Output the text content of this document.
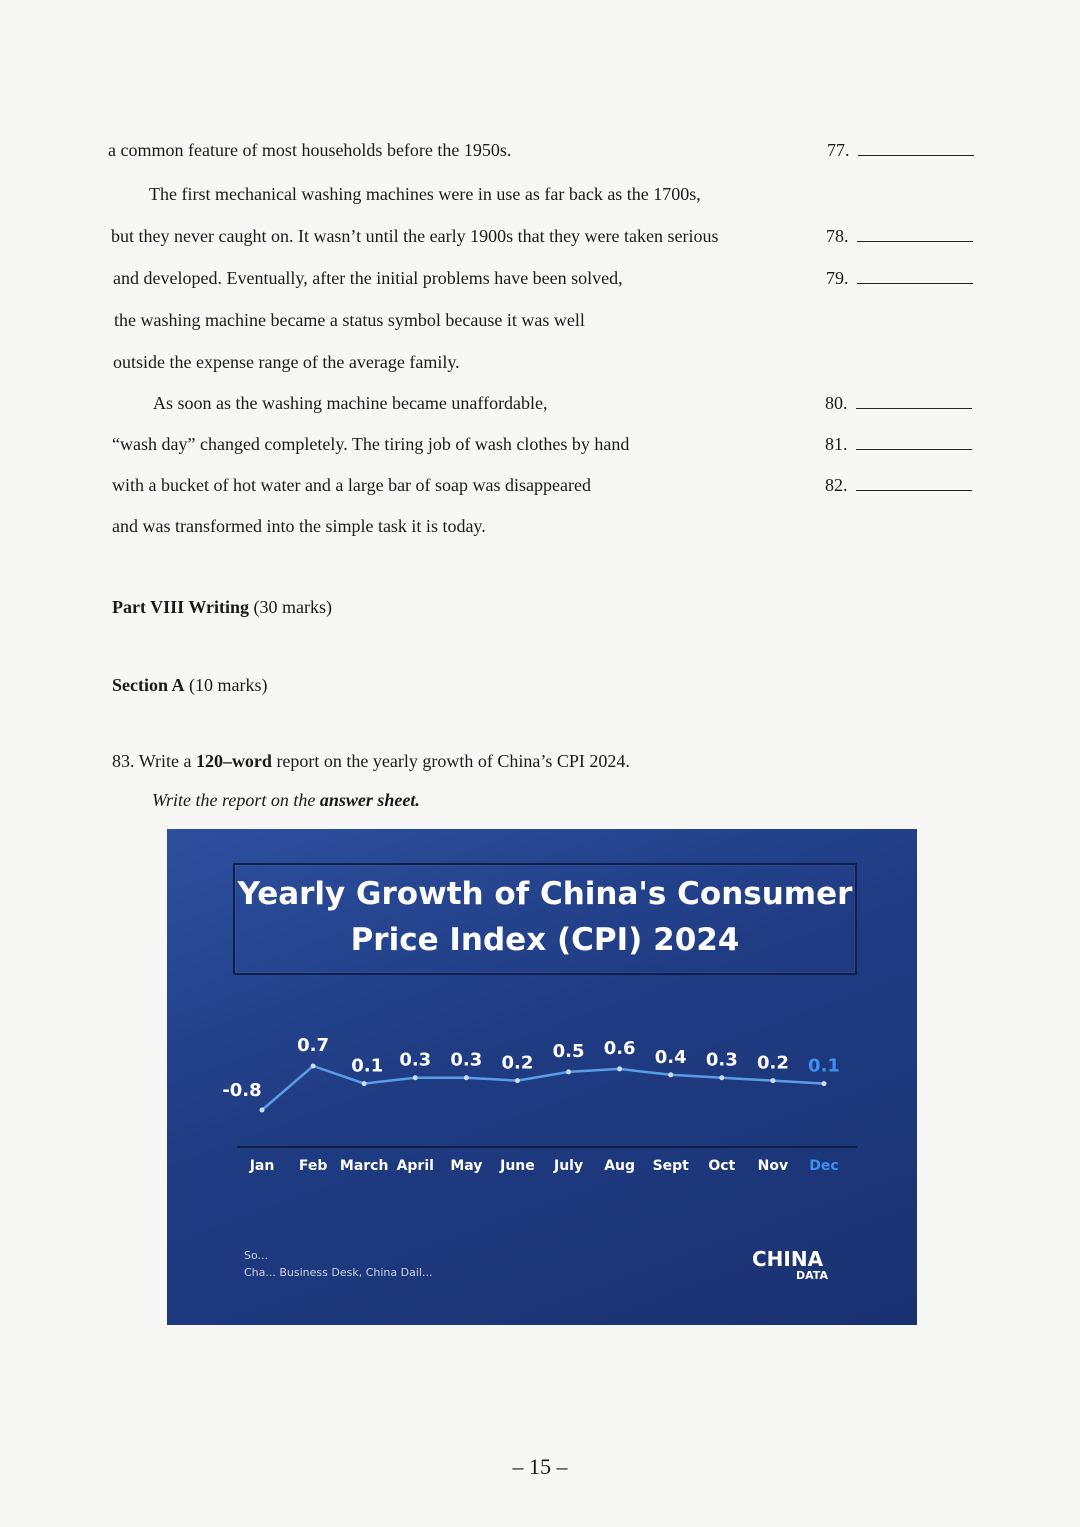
a common feature of most households before the 1950s.
The first mechanical washing machines were in use as far back as the 1700s,
but they never caught on. It wasn’t until the early 1900s that they were taken serious
and developed. Eventually, after the initial problems have been solved,
the washing machine became a status symbol because it was well
outside the expense range of the average family.
As soon as the washing machine became unaffordable,
“wash day” changed completely. The tiring job of wash clothes by hand
with a bucket of hot water and a large bar of soap was disappeared
and was transformed into the simple task it is today.
77.
78.
79.
80.
81.
82.
Part VIII Writing (30 marks)
Section A (10 marks)
83. Write a 120–word report on the yearly growth of China’s CPI 2024.
Write the report on the answer sheet.
Yearly Growth of China's Consumer
Price Index (CPI) 2024
-0.8
Jan
0.7
Feb
0.1
March
0.3
April
0.3
May
0.2
June
0.5
July
0.6
Aug
0.4
Sept
0.3
Oct
0.2
Nov
0.1
Dec
So...
Cha... Business Desk, China Dail...
CHINA
DATA
– 15 –
